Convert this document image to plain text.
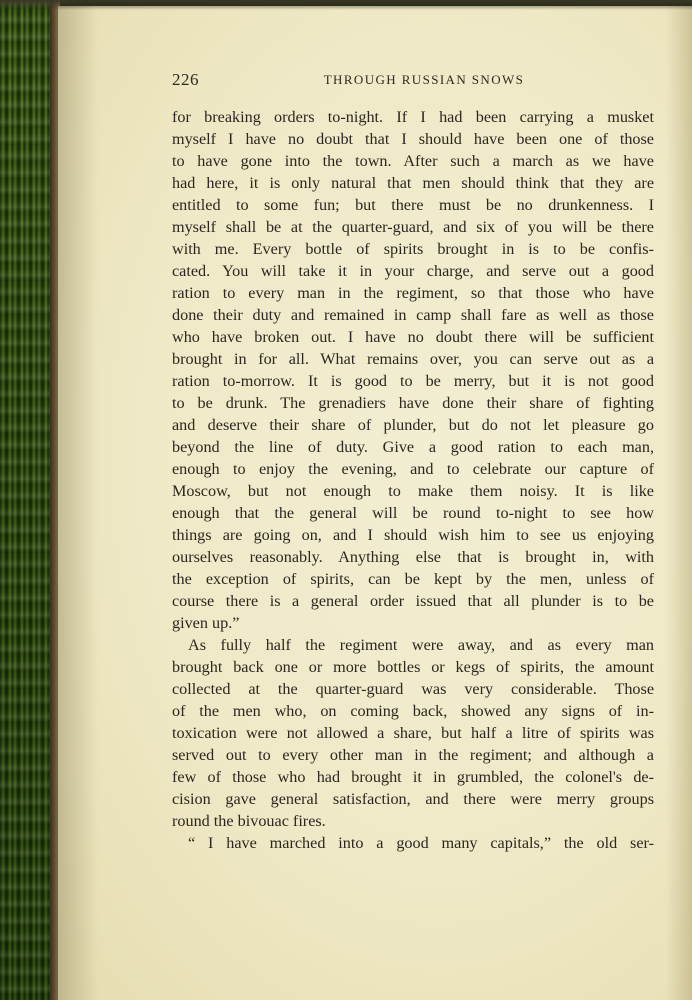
226	THROUGH RUSSIAN SNOWS
for breaking orders to-night. If I had been carrying a musket
myself I have no doubt that I should have been one of those
to have gone into the town. After such a march as we have
had here, it is only natural that men should think that they are
entitled to some fun; but there must be no drunkenness. I
myself shall be at the quarter-guard, and six of you will be there
with me. Every bottle of spirits brought in is to be confis-
cated. You will take it in your charge, and serve out a good
ration to every man in the regiment, so that those who have
done their duty and remained in camp shall fare as well as those
who have broken out. I have no doubt there will be sufficient
brought in for all. What remains over, you can serve out as a
ration to-morrow. It is good to be merry, but it is not good
to be drunk. The grenadiers have done their share of fighting
and deserve their share of plunder, but do not let pleasure go
beyond the line of duty. Give a good ration to each man,
enough to enjoy the evening, and to celebrate our capture of
Moscow, but not enough to make them noisy. It is like
enough that the general will be round to-night to see how
things are going on, and I should wish him to see us enjoying
ourselves reasonably. Anything else that is brought in, with
the exception of spirits, can be kept by the men, unless of
course there is a general order issued that all plunder is to be
given up.”
As fully half the regiment were away, and as every man
brought back one or more bottles or kegs of spirits, the amount
collected at the quarter-guard was very considerable. Those
of the men who, on coming back, showed any signs of in-
toxication were not allowed a share, but half a litre of spirits was
served out to every other man in the regiment; and although a
few of those who had brought it in grumbled, the colonel's de-
cision gave general satisfaction, and there were merry groups
round the bivouac fires.
“ I have marched into a good many capitals,” the old ser-
